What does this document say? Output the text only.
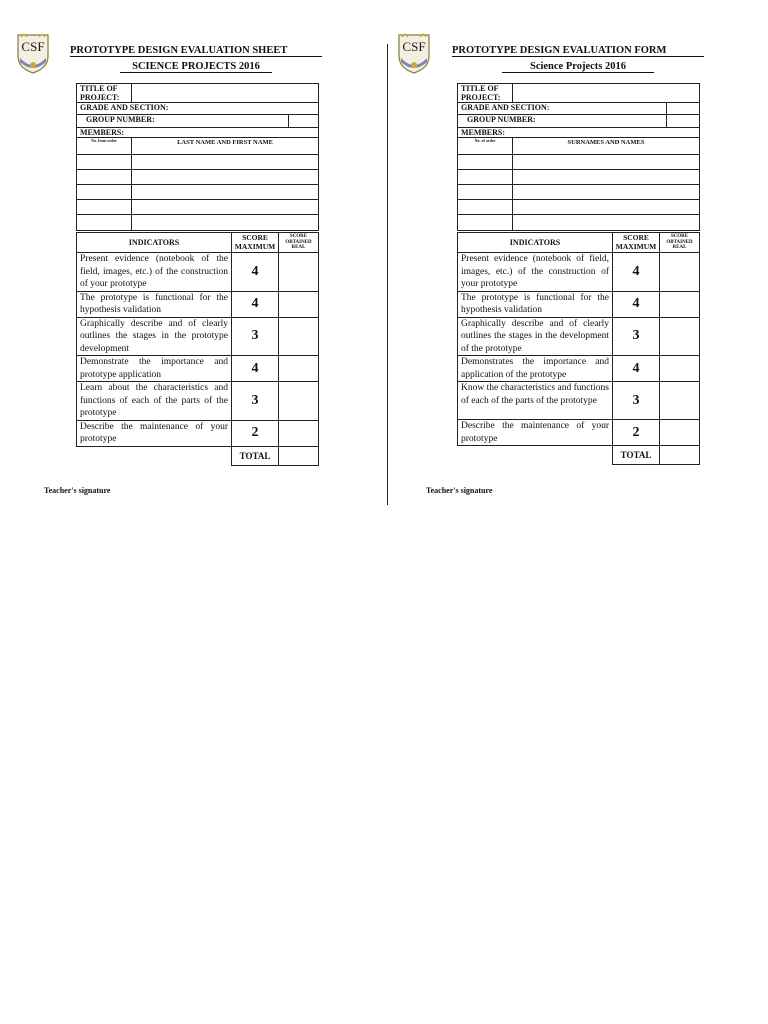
CSF	PROTOTYPE DESIGN EVALUATION SHEET
SCIENCE PROJECTS 2016
TITLE OF PROJECT:		
GRADE AND SECTION:		
GROUP NUMBER:		
MEMBERS:		
No. from order	LAST NAME AND FIRST NAME	

INDICATORS	SCORE MAXIMUM	SCORE OBTAINED REAL
Present evidence (notebook of the field, images, etc.) of the construction of your prototype	4	
The prototype is functional for the hypothesis validation	4	
Graphically describe and of clearly outlines the stages in the prototype development	3	
Demonstrate the importance and prototype application	4	
Learn about the characteristics and functions of each of the parts of the prototype	3	
Describe the maintenance of your prototype	2	
	TOTAL	
Teacher's signature
CSF	PROTOTYPE DESIGN EVALUATION FORM
Science Projects 2016
TITLE OF PROJECT:		
GRADE AND SECTION:		
GROUP NUMBER:		
MEMBERS:		
No. of order	SURNAMES AND NAMES	

INDICATORS	SCORE MAXIMUM	SCORE OBTAINED REAL
Present evidence (notebook of field, images, etc.) of the construction of your prototype	4	
The prototype is functional for the hypothesis validation	4	
Graphically describe and of clearly outlines the stages in the development of the prototype	3	
Demonstrates the importance and application of the prototype	4	
Know the characteristics and functions of each of the parts of the prototype	3	
Describe the maintenance of your prototype	2	
	TOTAL	
Teacher's signature
